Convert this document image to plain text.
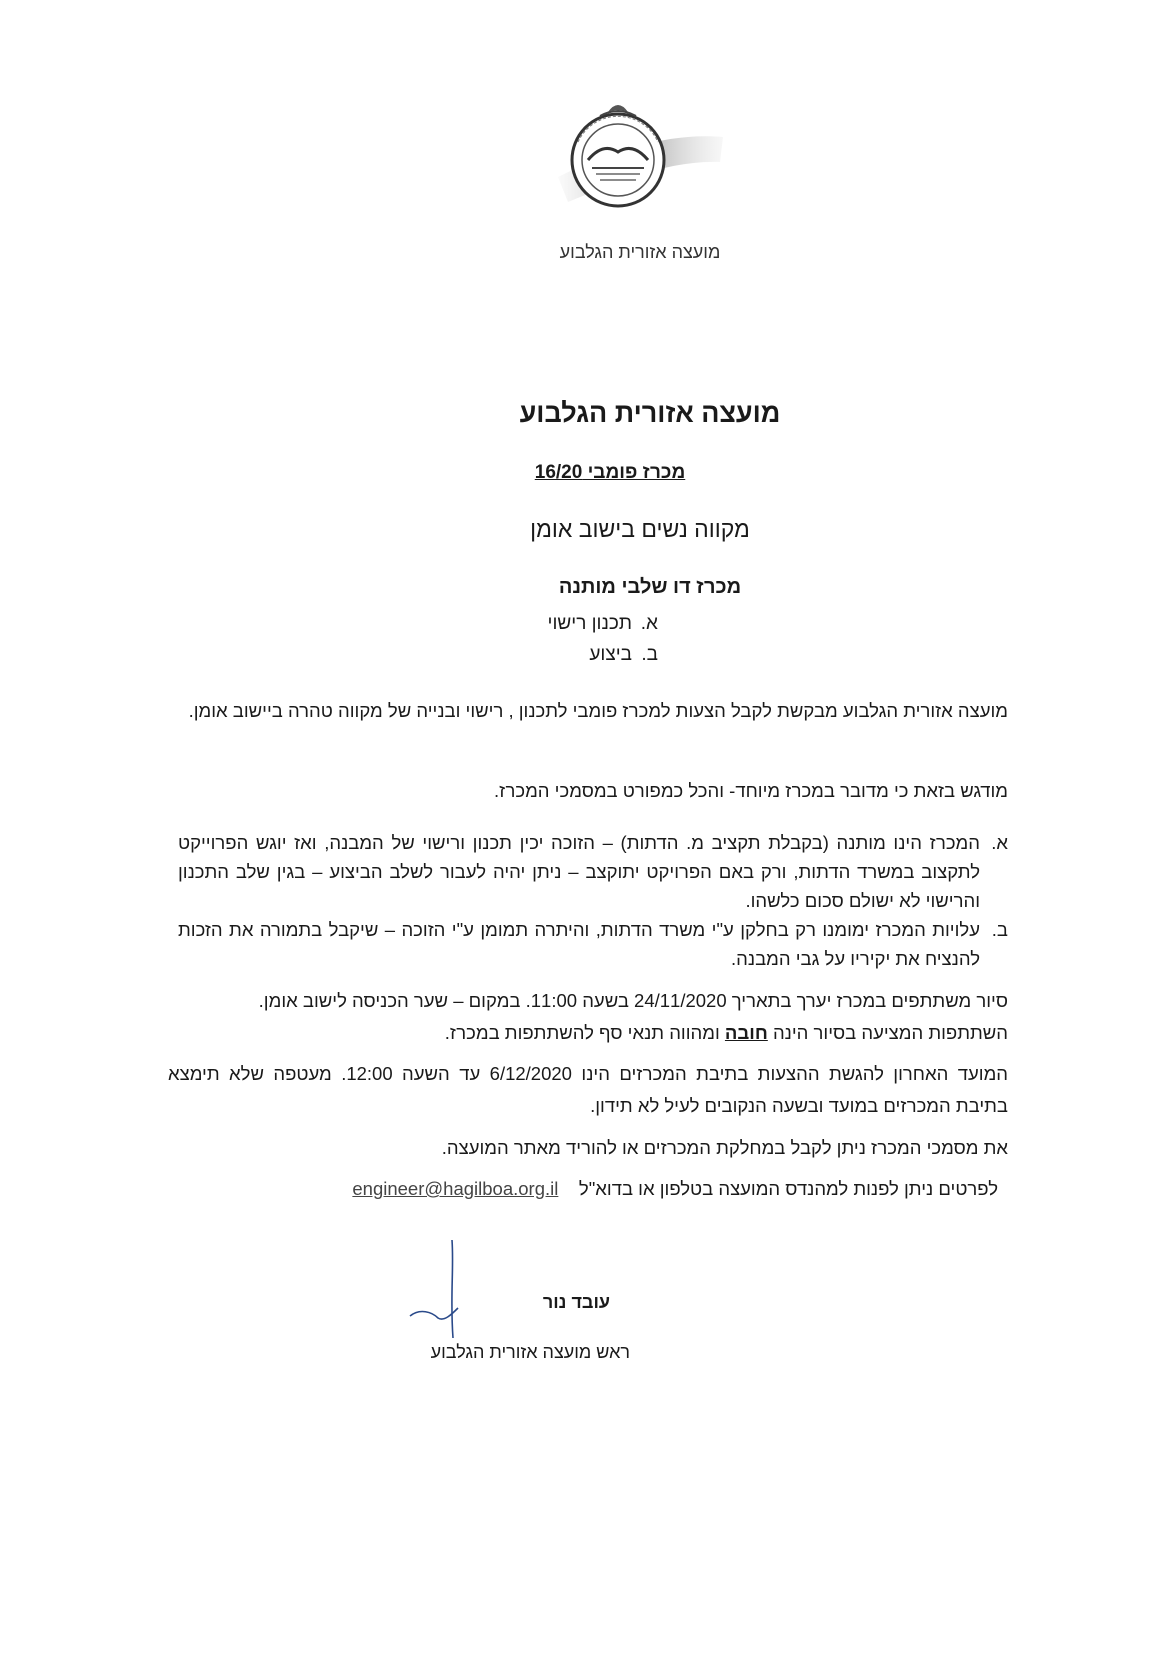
מועצה אזורית הגלבוע
מועצה אזורית הגלבוע
מכרז פומבי 16/20
מקווה נשים בישוב אומן
מכרז דו שלבי מותנה
א.תכנון רישוי
ב.ביצוע
מועצה אזורית הגלבוע מבקשת לקבל הצעות למכרז פומבי לתכנון , רישוי ובנייה של מקווה טהרה ביישוב אומן.
מודגש בזאת כי מדובר במכרז מיוחד- והכל כמפורט במסמכי המכרז.
א.
המכרז הינו מותנה (בקבלת תקציב מ. הדתות) – הזוכה יכין תכנון ורישוי של המבנה, ואז יוגש הפרוייקט לתקצוב במשרד הדתות, ורק באם הפרויקט יתוקצב – ניתן יהיה לעבור לשלב הביצוע – בגין שלב התכנון והרישוי לא ישולם סכום כלשהו.
ב.
עלויות המכרז ימומנו רק בחלקן ע"י משרד הדתות, והיתרה תמומן ע"י הזוכה – שיקבל בתמורה את הזכות להנציח את יקיריו על גבי המבנה.
סיור משתתפים במכרז יערך בתאריך 24/11/2020 בשעה 11:00. במקום – שער הכניסה לישוב אומן.
השתתפות המציעה בסיור הינה חובה ומהווה תנאי סף להשתתפות במכרז.
המועד האחרון להגשת ההצעות בתיבת המכרזים הינו 6/12/2020 עד השעה 12:00. מעטפה שלא תימצא בתיבת המכרזים במועד ובשעה הנקובים לעיל לא תידון.
את מסמכי המכרז ניתן לקבל במחלקת המכרזים או להוריד מאתר המועצה.
לפרטים ניתן לפנות למהנדס המועצה בטלפון או בדוא"ל    engineer@hagilboa.org.il
עובד נור
ראש מועצה אזורית הגלבוע
